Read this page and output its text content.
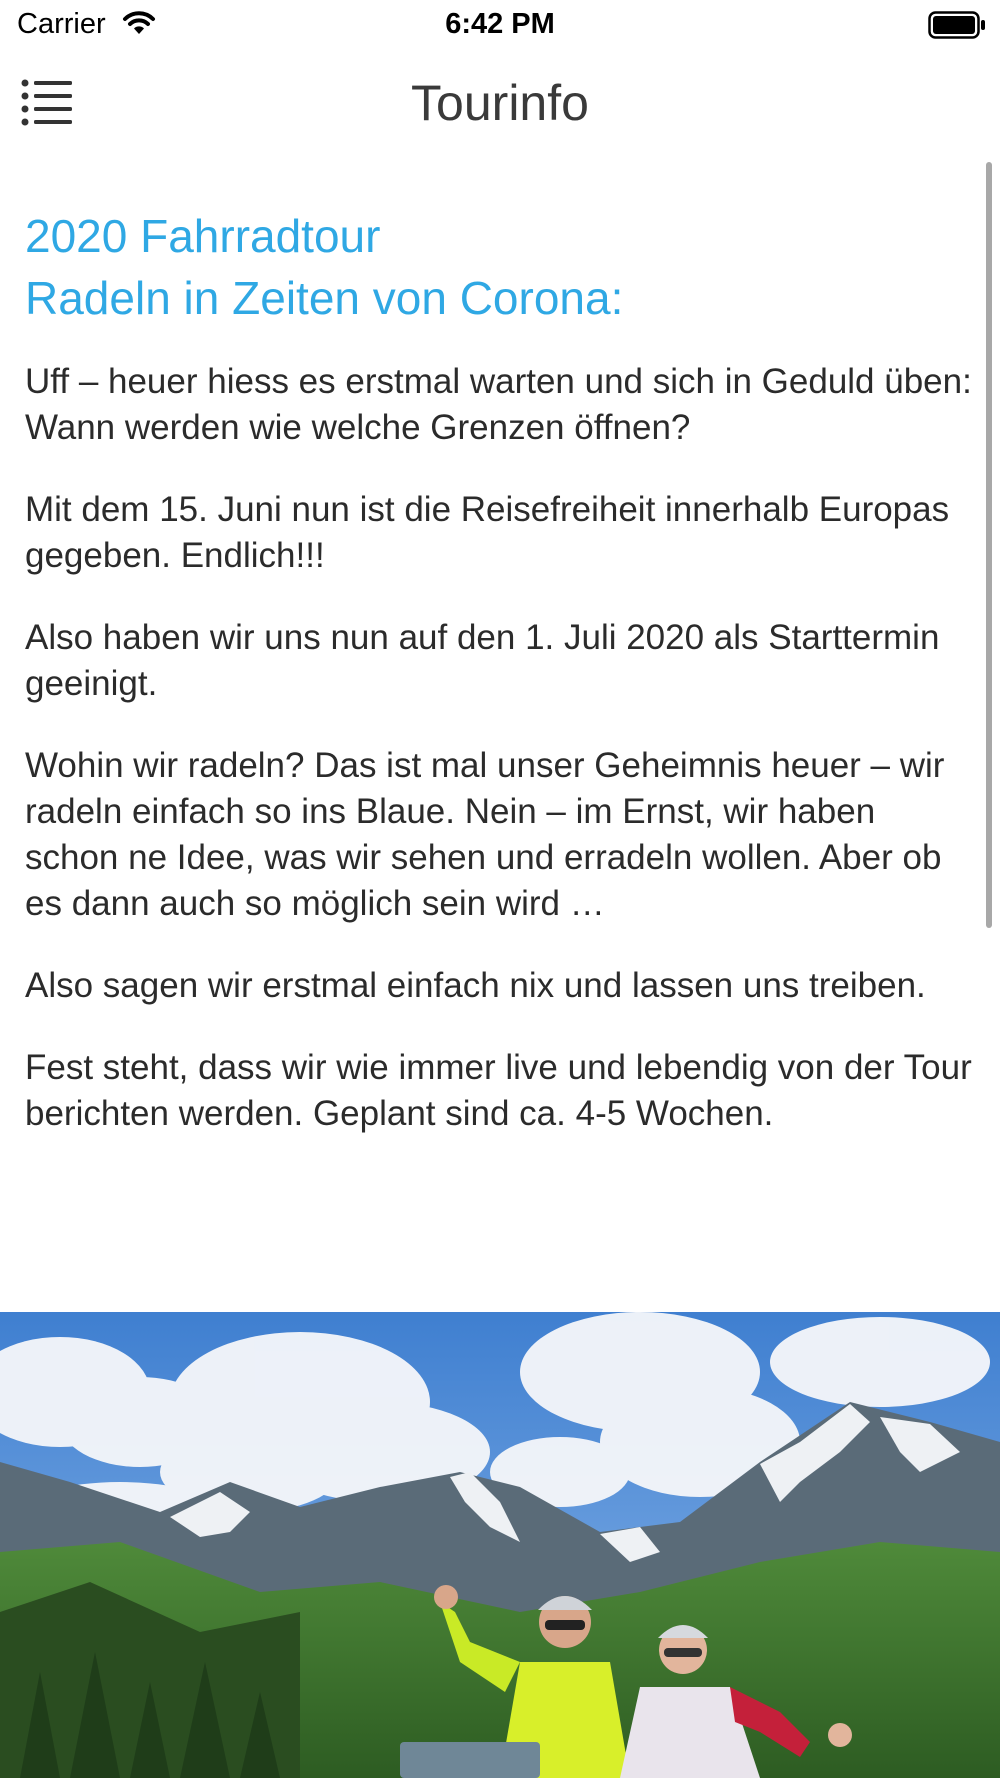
Carrier	6:42 PM
Tourinfo
2020 Fahrradtour
Radeln in Zeiten von Corona:

Uff – heuer hiess es erstmal warten und sich in Geduld üben: Wann werden wie welche Grenzen öffnen?

Mit dem 15. Juni nun ist die Reisefreiheit innerhalb Europas gegeben. Endlich!!!

Also haben wir uns nun auf den 1. Juli 2020 als Starttermin geeinigt.

Wohin wir radeln? Das ist mal unser Geheimnis heuer – wir radeln einfach so ins Blaue. Nein – im Ernst, wir haben schon ne Idee, was wir sehen und erradeln wollen. Aber ob es dann auch so möglich sein wird …

Also sagen wir erstmal einfach nix und lassen uns treiben.

Fest steht, dass wir wie immer live und lebendig von der Tour berichten werden. Geplant sind ca. 4-5 Wochen.
